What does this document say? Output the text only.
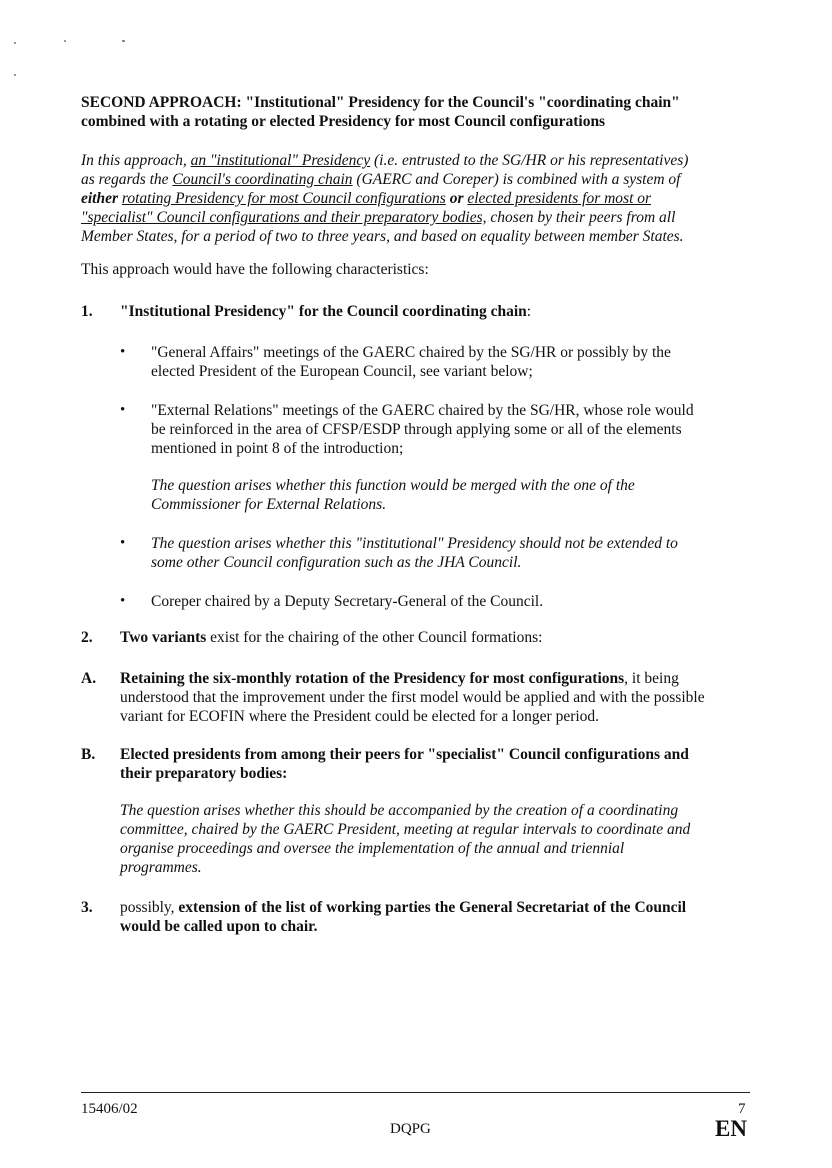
SECOND APPROACH: "Institutional" Presidency for the Council's "coordinating chain"
combined with a rotating or elected Presidency for most Council configurations
In this approach, an "institutional" Presidency (i.e. entrusted to the SG/HR or his representatives)
as regards the Council's coordinating chain (GAERC and Coreper) is combined with a system of
either rotating Presidency for most Council configurations or elected presidents for most or
"specialist" Council configurations and their preparatory bodies, chosen by their peers from all
Member States, for a period of two to three years, and based on equality between member States.
This approach would have the following characteristics:
1. "Institutional Presidency" for the Council coordinating chain:
• "General Affairs" meetings of the GAERC chaired by the SG/HR or possibly by the
elected President of the European Council, see variant below;
• "External Relations" meetings of the GAERC chaired by the SG/HR, whose role would
be reinforced in the area of CFSP/ESDP through applying some or all of the elements
mentioned in point 8 of the introduction;
The question arises whether this function would be merged with the one of the
Commissioner for External Relations.
• The question arises whether this "institutional" Presidency should not be extended to
some other Council configuration such as the JHA Council.
• Coreper chaired by a Deputy Secretary-General of the Council.
2. Two variants exist for the chairing of the other Council formations:
A. Retaining the six-monthly rotation of the Presidency for most configurations, it being
understood that the improvement under the first model would be applied and with the possible
variant for ECOFIN where the President could be elected for a longer period.
B. Elected presidents from among their peers for "specialist" Council configurations and
their preparatory bodies:
The question arises whether this should be accompanied by the creation of a coordinating
committee, chaired by the GAERC President, meeting at regular intervals to coordinate and
organise proceedings and oversee the implementation of the annual and triennial
programmes.
3. possibly, extension of the list of working parties the General Secretariat of the Council
would be called upon to chair.
15406/02	7
DQPG	EN
